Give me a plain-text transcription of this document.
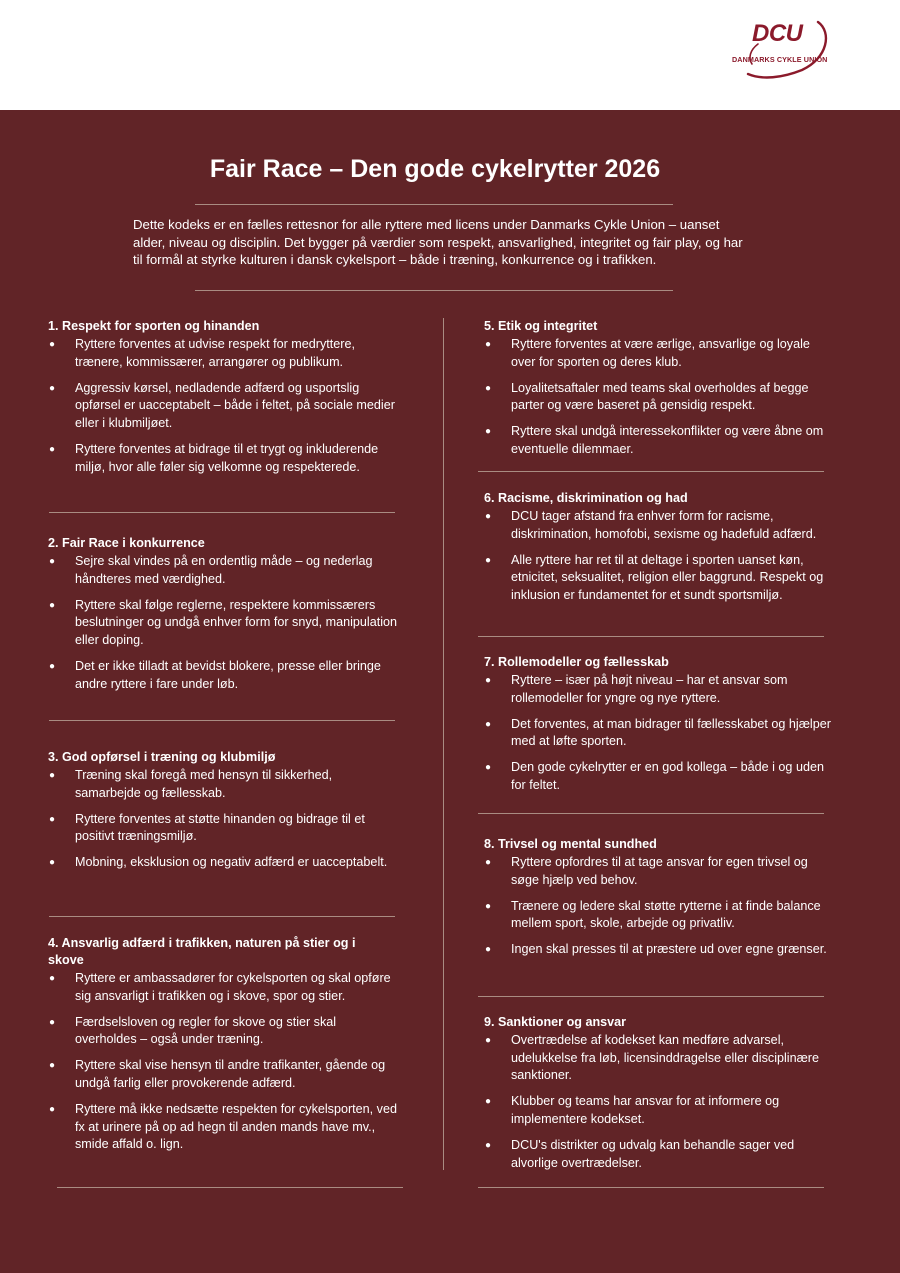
DCU
DANMARKS CYKLE UNION
Fair Race – Den gode cykelrytter 2026
Dette kodeks er en fælles rettesnor for alle ryttere med licens under Danmarks Cykle Union – uanset alder, niveau og disciplin. Det bygger på værdier som respekt, ansvarlighed, integritet og fair play, og har til formål at styrke kulturen i dansk cykelsport – både i træning, konkurrence og i trafikken.
1. Respekt for sporten og hinanden
● Ryttere forventes at udvise respekt for medryttere, trænere, kommissærer, arrangører og publikum.
● Aggressiv kørsel, nedladende adfærd og usportslig opførsel er uacceptabelt – både i feltet, på sociale medier eller i klubmiljøet.
● Ryttere forventes at bidrage til et trygt og inkluderende miljø, hvor alle føler sig velkomne og respekterede.
2. Fair Race i konkurrence
● Sejre skal vindes på en ordentlig måde – og nederlag håndteres med værdighed.
● Ryttere skal følge reglerne, respektere kommissærers beslutninger og undgå enhver form for snyd, manipulation eller doping.
● Det er ikke tilladt at bevidst blokere, presse eller bringe andre ryttere i fare under løb.
3. God opførsel i træning og klubmiljø
● Træning skal foregå med hensyn til sikkerhed, samarbejde og fællesskab.
● Ryttere forventes at støtte hinanden og bidrage til et positivt træningsmiljø.
● Mobning, eksklusion og negativ adfærd er uacceptabelt.
4. Ansvarlig adfærd i trafikken, naturen på stier og i skove
● Ryttere er ambassadører for cykelsporten og skal opføre sig ansvarligt i trafikken og i skove, spor og stier.
● Færdselsloven og regler for skove og stier skal overholdes – også under træning.
● Ryttere skal vise hensyn til andre trafikanter, gående og undgå farlig eller provokerende adfærd.
● Ryttere må ikke nedsætte respekten for cykelsporten, ved fx at urinere på op ad hegn til anden mands have mv., smide affald o. lign.
5. Etik og integritet
● Ryttere forventes at være ærlige, ansvarlige og loyale over for sporten og deres klub.
● Loyalitetsaftaler med teams skal overholdes af begge parter og være baseret på gensidig respekt.
● Ryttere skal undgå interessekonflikter og være åbne om eventuelle dilemmaer.
6. Racisme, diskrimination og had
● DCU tager afstand fra enhver form for racisme, diskrimination, homofobi, sexisme og hadefuld adfærd.
● Alle ryttere har ret til at deltage i sporten uanset køn, etnicitet, seksualitet, religion eller baggrund. Respekt og inklusion er fundamentet for et sundt sportsmiljø.
7. Rollemodeller og fællesskab
● Ryttere – især på højt niveau – har et ansvar som rollemodeller for yngre og nye ryttere.
● Det forventes, at man bidrager til fællesskabet og hjælper med at løfte sporten.
● Den gode cykelrytter er en god kollega – både i og uden for feltet.
8. Trivsel og mental sundhed
● Ryttere opfordres til at tage ansvar for egen trivsel og søge hjælp ved behov.
● Trænere og ledere skal støtte rytterne i at finde balance mellem sport, skole, arbejde og privatliv.
● Ingen skal presses til at præstere ud over egne grænser.
9. Sanktioner og ansvar
● Overtrædelse af kodekset kan medføre advarsel, udelukkelse fra løb, licensinddragelse eller disciplinære sanktioner.
● Klubber og teams har ansvar for at informere og implementere kodekset.
● DCU's distrikter og udvalg kan behandle sager ved alvorlige overtrædelser.
